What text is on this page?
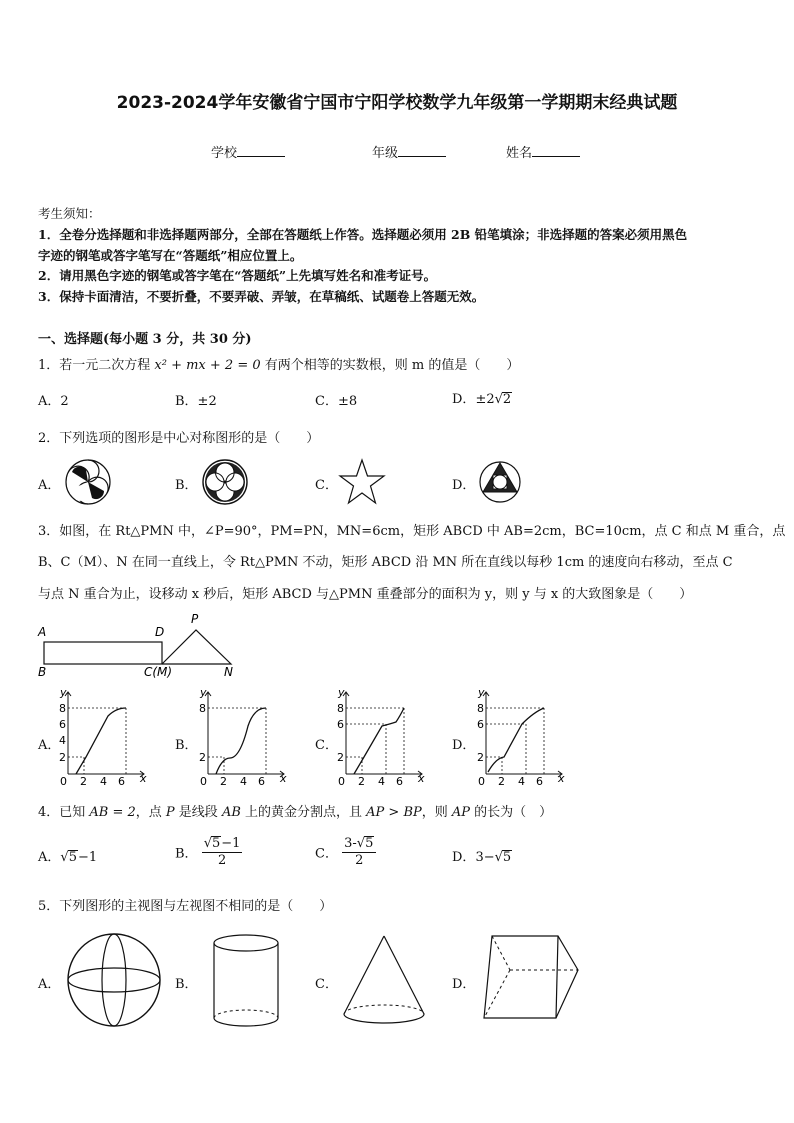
2023-2024学年安徽省宁国市宁阳学校数学九年级第一学期期末经典试题
学校	年级	姓名
考生须知：
1．全卷分选择题和非选择题两部分，全部在答题纸上作答。选择题必须用 2B 铅笔填涂；非选择题的答案必须用黑色
字迹的钢笔或答字笔写在“答题纸”相应位置上。
2．请用黑色字迹的钢笔或答字笔在“答题纸”上先填写姓名和准考证号。
3．保持卡面清洁，不要折叠，不要弄破、弄皱，在草稿纸、试题卷上答题无效。
一、选择题(每小题 3 分，共 30 分)
1．若一元二次方程 x² + mx + 2 = 0 有两个相等的实数根，则 m 的值是（　　）
A．2	B．±2	C．±8	D．±2√2
2．下列选项的图形是中心对称图形的是（　　）
A．	B．	C．	D．
3．如图，在 Rt△PMN 中，∠P=90°，PM=PN，MN=6cm，矩形 ABCD 中 AB=2cm，BC=10cm，点 C 和点 M 重合，点
B、C（M）、N 在同一直线上，令 Rt△PMN 不动，矩形 ABCD 沿 MN 所在直线以每秒 1cm 的速度向右移动，至点 C
与点 N 重合为止，设移动 x 秒后，矩形 ABCD 与△PMN 重叠部分的面积为 y，则 y 与 x 的大致图象是（　　）
A	D
P
B	C(M)	N
A．	B．	C．	D．
y
x
0 2 4 6
2
4
6
8
y
x
0 2 4 6
2
8
y
x
0 2 4 6
2
6
8
y
x
0 2 4 6
2
6
8
4．已知 AB = 2，点 P 是线段 AB 上的黄金分割点，且 AP > BP，则 AP 的长为（　）
A．√5−1	B． $\frac{√5-1}{2}$	C． $\frac{3-√5}{2}$	D．3−√5
5．下列图形的主视图与左视图不相同的是（　　）
A．	B．	C．	D．
